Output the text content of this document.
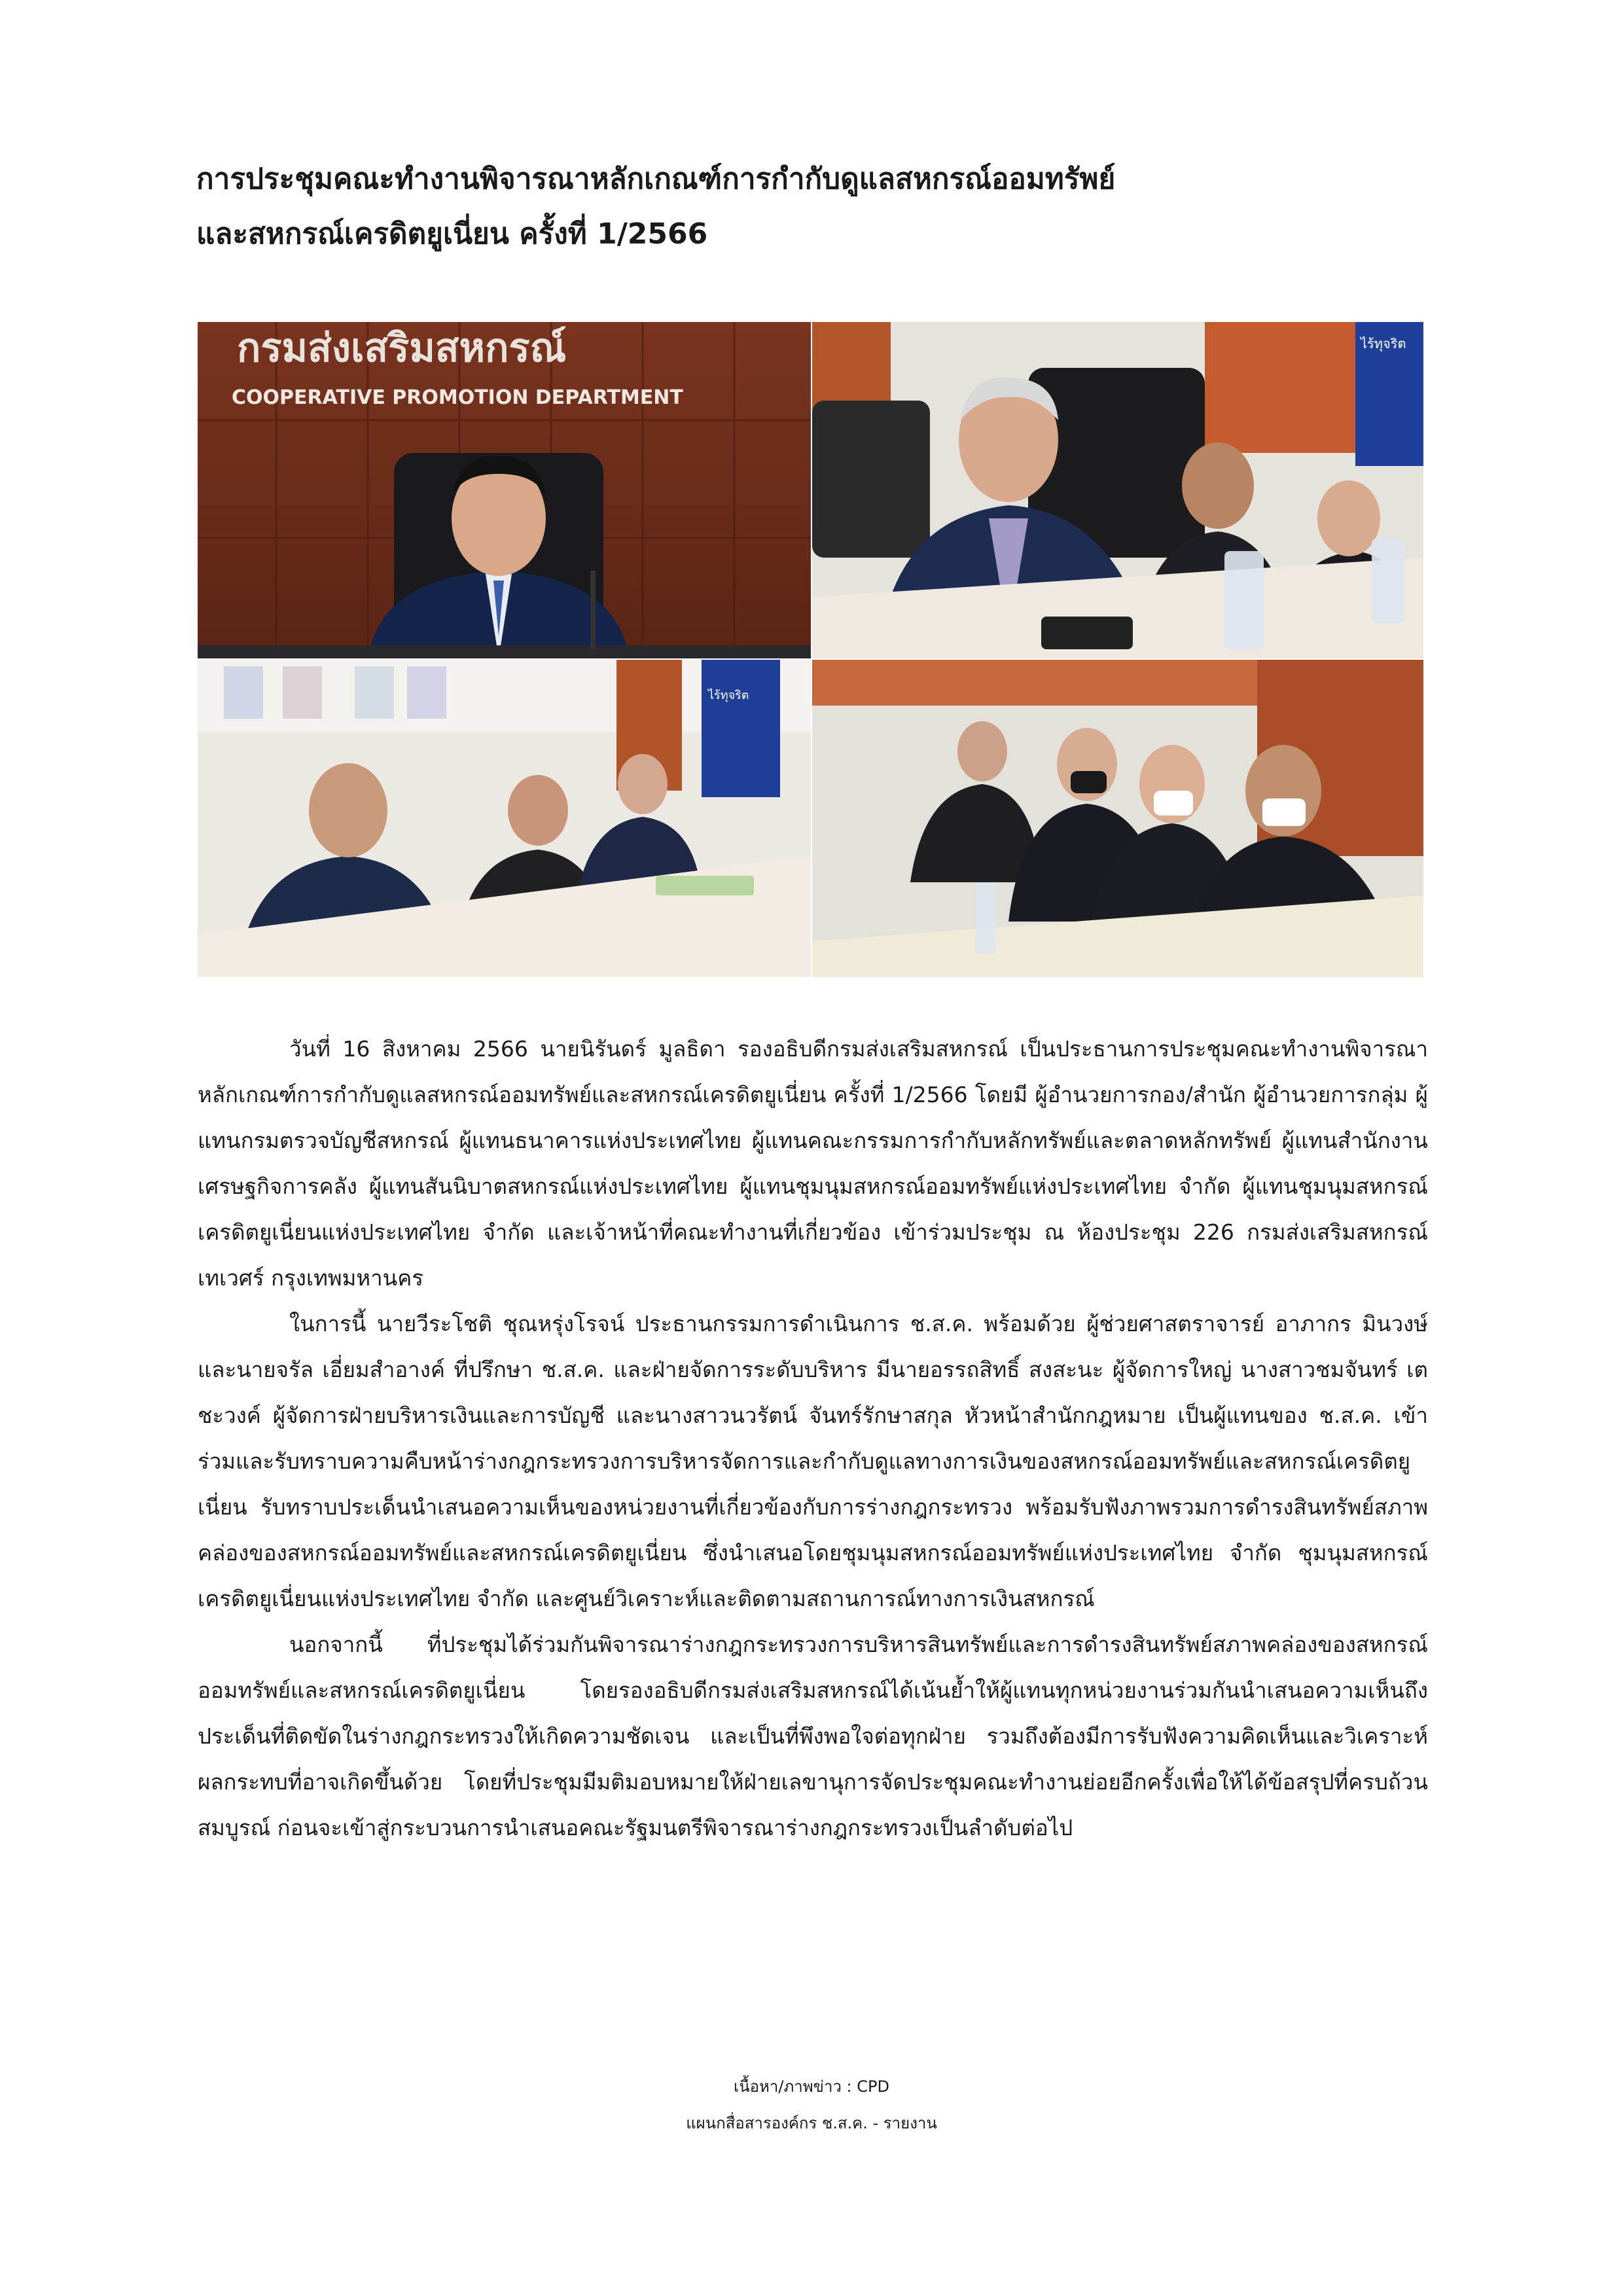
การประชุมคณะทำงานพิจารณาหลักเกณฑ์การกำกับดูแลสหกรณ์ออมทรัพย์
และสหกรณ์เครดิตยูเนี่ยน ครั้งที่ 1/2566
กรมส่งเสริมสหกรณ์
COOPERATIVE PROMOTION DEPARTMENT
ไร้ทุจริต
ไร้ทุจริต

วันที่ 16 สิงหาคม 2566 นายนิรันดร์ มูลธิดา รองอธิบดีกรมส่งเสริมสหกรณ์ เป็นประธานการประชุมคณะทำงานพิจารณาหลักเกณฑ์การกำกับดูแลสหกรณ์ออมทรัพย์และสหกรณ์เครดิตยูเนี่ยน ครั้งที่ 1/2566 โดยมี ผู้อำนวยการกอง/สำนัก ผู้อำนวยการกลุ่ม ผู้แทนกรมตรวจบัญชีสหกรณ์ ผู้แทนธนาคารแห่งประเทศไทย ผู้แทนคณะกรรมการกำกับหลักทรัพย์และตลาดหลักทรัพย์ ผู้แทนสำนักงานเศรษฐกิจการคลัง ผู้แทนสันนิบาตสหกรณ์แห่งประเทศไทย ผู้แทนชุมนุมสหกรณ์ออมทรัพย์แห่งประเทศไทย จำกัด ผู้แทนชุมนุมสหกรณ์เครดิตยูเนี่ยนแห่งประเทศไทย จำกัด และเจ้าหน้าที่คณะทำงานที่เกี่ยวข้อง เข้าร่วมประชุม ณ ห้องประชุม 226 กรมส่งเสริมสหกรณ์ เทเวศร์ กรุงเทพมหานคร

ในการนี้ นายวีระโชติ ชุณหรุ่งโรจน์ ประธานกรรมการดำเนินการ ช.ส.ค. พร้อมด้วย ผู้ช่วยศาสตราจารย์ อาภากร มินวงษ์ และนายจรัล เอี่ยมสำอางค์ ที่ปรึกษา ช.ส.ค. และฝ่ายจัดการระดับบริหาร มีนายอรรถสิทธิ์ สงสะนะ ผู้จัดการใหญ่ นางสาวชมจันทร์ เตชะวงค์ ผู้จัดการฝ่ายบริหารเงินและการบัญชี และนางสาวนวรัตน์ จันทร์รักษาสกุล หัวหน้าสำนักกฎหมาย เป็นผู้แทนของ ช.ส.ค. เข้าร่วมและรับทราบความคืบหน้าร่างกฎกระทรวงการบริหารจัดการและกำกับดูแลทางการเงินของสหกรณ์ออมทรัพย์และสหกรณ์เครดิตยูเนี่ยน รับทราบประเด็นนำเสนอความเห็นของหน่วยงานที่เกี่ยวข้องกับการร่างกฎกระทรวง พร้อมรับฟังภาพรวมการดำรงสินทรัพย์สภาพคล่องของสหกรณ์ออมทรัพย์และสหกรณ์เครดิตยูเนี่ยน ซึ่งนำเสนอโดยชุมนุมสหกรณ์ออมทรัพย์แห่งประเทศไทย จำกัด ชุมนุมสหกรณ์เครดิตยูเนี่ยนแห่งประเทศไทย จำกัด และศูนย์วิเคราะห์และติดตามสถานการณ์ทางการเงินสหกรณ์

นอกจากนี้ ที่ประชุมได้ร่วมกันพิจารณาร่างกฎกระทรวงการบริหารสินทรัพย์และการดำรงสินทรัพย์สภาพคล่องของสหกรณ์ออมทรัพย์และสหกรณ์เครดิตยูเนี่ยน โดยรองอธิบดีกรมส่งเสริมสหกรณ์ได้เน้นย้ำให้ผู้แทนทุกหน่วยงานร่วมกันนำเสนอความเห็นถึงประเด็นที่ติดขัดในร่างกฎกระทรวงให้เกิดความชัดเจน และเป็นที่พึงพอใจต่อทุกฝ่าย รวมถึงต้องมีการรับฟังความคิดเห็นและวิเคราะห์ผลกระทบที่อาจเกิดขึ้นด้วย โดยที่ประชุมมีมติมอบหมายให้ฝ่ายเลขานุการจัดประชุมคณะทำงานย่อยอีกครั้งเพื่อให้ได้ข้อสรุปที่ครบถ้วนสมบูรณ์ ก่อนจะเข้าสู่กระบวนการนำเสนอคณะรัฐมนตรีพิจารณาร่างกฎกระทรวงเป็นลำดับต่อไป

เนื้อหา/ภาพข่าว : CPD
แผนกสื่อสารองค์กร ช.ส.ค. - รายงาน
